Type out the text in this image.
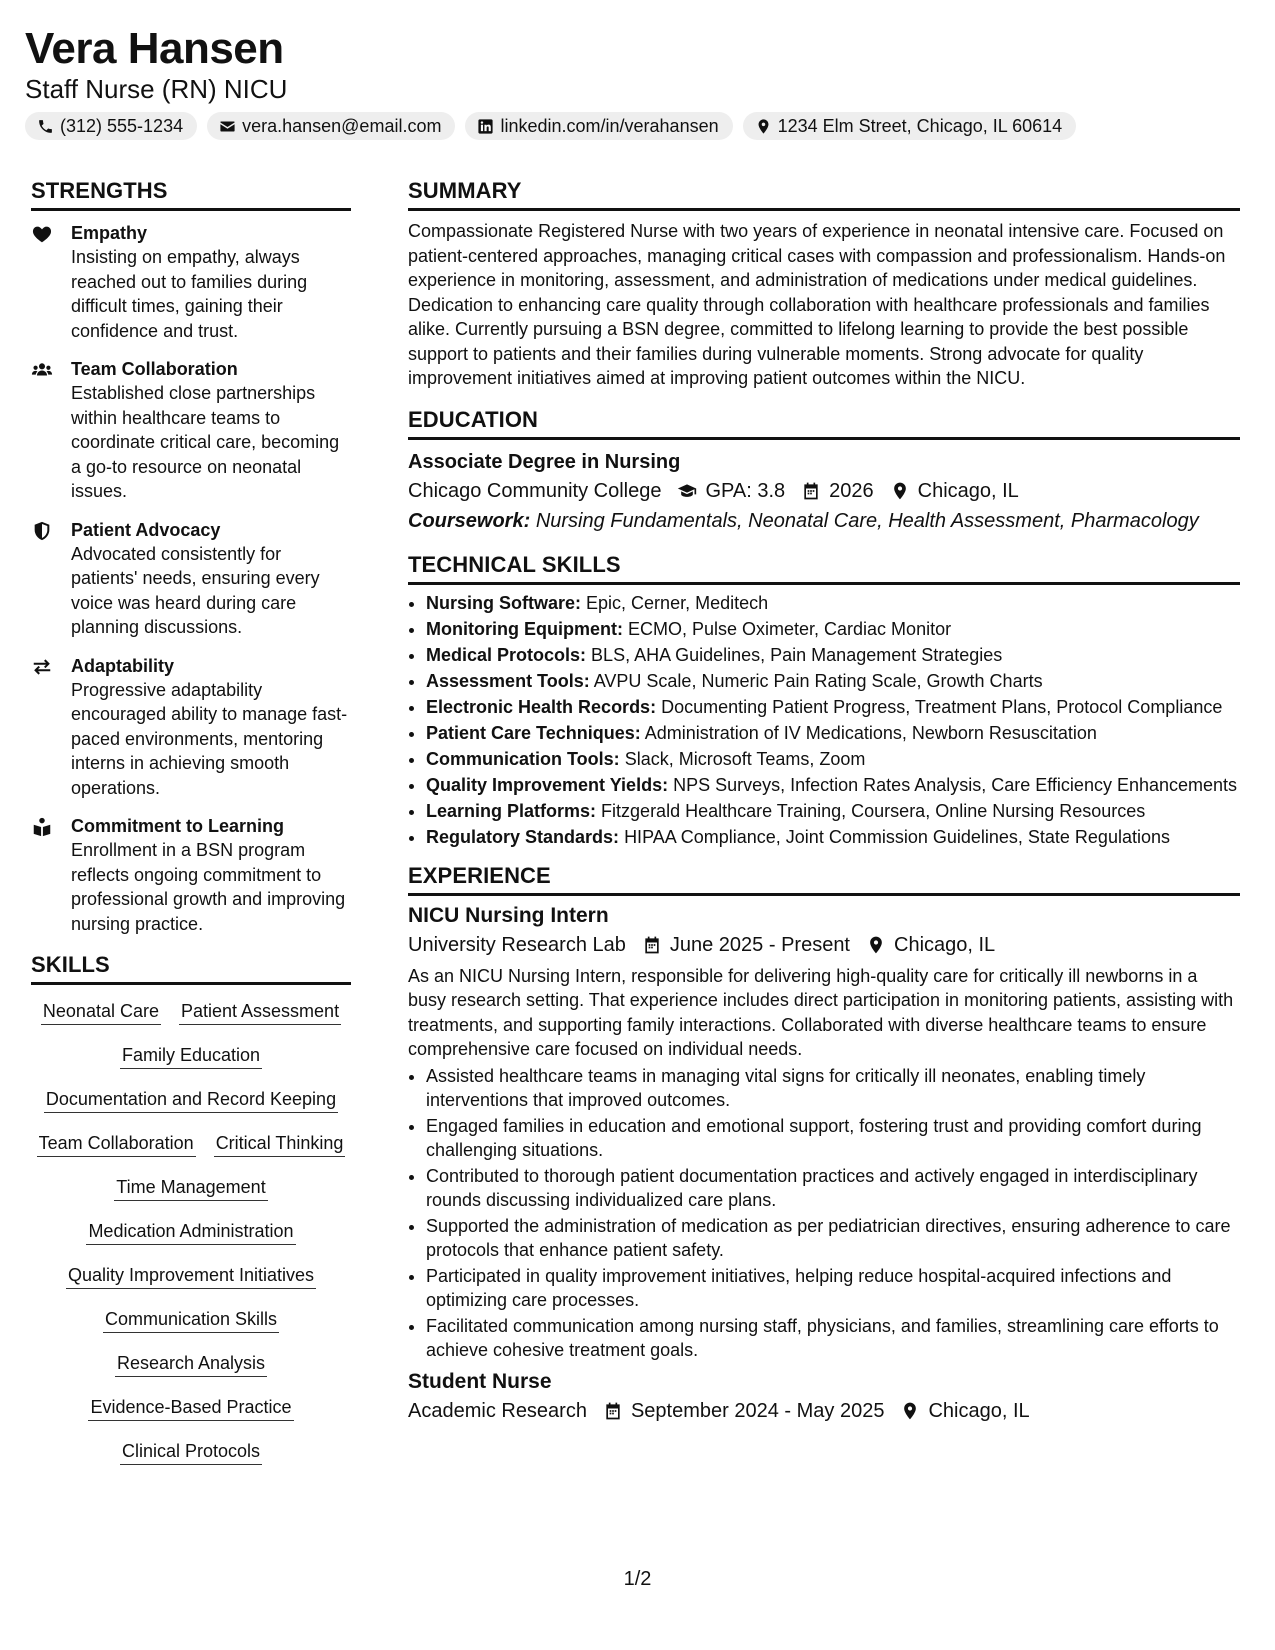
Vera Hansen
Staff Nurse (RN) NICU
(312) 555-1234	vera.hansen@email.com	linkedin.com/in/verahansen	1234 Elm Street, Chicago, IL 60614
STRENGTHS
Empathy
Insisting on empathy, always reached out to families during difficult times, gaining their confidence and trust.
Team Collaboration
Established close partnerships within healthcare teams to coordinate critical care, becoming a go-to resource on neonatal issues.
Patient Advocacy
Advocated consistently for patients' needs, ensuring every voice was heard during care planning discussions.
Adaptability
Progressive adaptability encouraged ability to manage fast-paced environments, mentoring interns in achieving smooth operations.
Commitment to Learning
Enrollment in a BSN program reflects ongoing commitment to professional growth and improving nursing practice.
SKILLS
Neonatal Care Patient Assessment
Family Education
Documentation and Record Keeping
Team Collaboration Critical Thinking
Time Management
Medication Administration
Quality Improvement Initiatives
Communication Skills
Research Analysis
Evidence-Based Practice
Clinical Protocols
SUMMARY
Compassionate Registered Nurse with two years of experience in neonatal intensive care. Focused on patient-centered approaches, managing critical cases with compassion and professionalism. Hands-on experience in monitoring, assessment, and administration of medications under medical guidelines. Dedication to enhancing care quality through collaboration with healthcare professionals and families alike. Currently pursuing a BSN degree, committed to lifelong learning to provide the best possible support to patients and their families during vulnerable moments. Strong advocate for quality improvement initiatives aimed at improving patient outcomes within the NICU.
EDUCATION
Associate Degree in Nursing
Chicago Community College GPA: 3.8 2026 Chicago, IL
Coursework: Nursing Fundamentals, Neonatal Care, Health Assessment, Pharmacology
TECHNICAL SKILLS
• Nursing Software: Epic, Cerner, Meditech
• Monitoring Equipment: ECMO, Pulse Oximeter, Cardiac Monitor
• Medical Protocols: BLS, AHA Guidelines, Pain Management Strategies
• Assessment Tools: AVPU Scale, Numeric Pain Rating Scale, Growth Charts
• Electronic Health Records: Documenting Patient Progress, Treatment Plans, Protocol Compliance
• Patient Care Techniques: Administration of IV Medications, Newborn Resuscitation
• Communication Tools: Slack, Microsoft Teams, Zoom
• Quality Improvement Yields: NPS Surveys, Infection Rates Analysis, Care Efficiency Enhancements
• Learning Platforms: Fitzgerald Healthcare Training, Coursera, Online Nursing Resources
• Regulatory Standards: HIPAA Compliance, Joint Commission Guidelines, State Regulations
EXPERIENCE
NICU Nursing Intern
University Research Lab June 2025 - Present Chicago, IL
As an NICU Nursing Intern, responsible for delivering high-quality care for critically ill newborns in a busy research setting. That experience includes direct participation in monitoring patients, assisting with treatments, and supporting family interactions. Collaborated with diverse healthcare teams to ensure comprehensive care focused on individual needs.
• Assisted healthcare teams in managing vital signs for critically ill neonates, enabling timely interventions that improved outcomes.
• Engaged families in education and emotional support, fostering trust and providing comfort during challenging situations.
• Contributed to thorough patient documentation practices and actively engaged in interdisciplinary rounds discussing individualized care plans.
• Supported the administration of medication as per pediatrician directives, ensuring adherence to care protocols that enhance patient safety.
• Participated in quality improvement initiatives, helping reduce hospital-acquired infections and optimizing care processes.
• Facilitated communication among nursing staff, physicians, and families, streamlining care efforts to achieve cohesive treatment goals.
Student Nurse
Academic Research September 2024 - May 2025 Chicago, IL
1/2
